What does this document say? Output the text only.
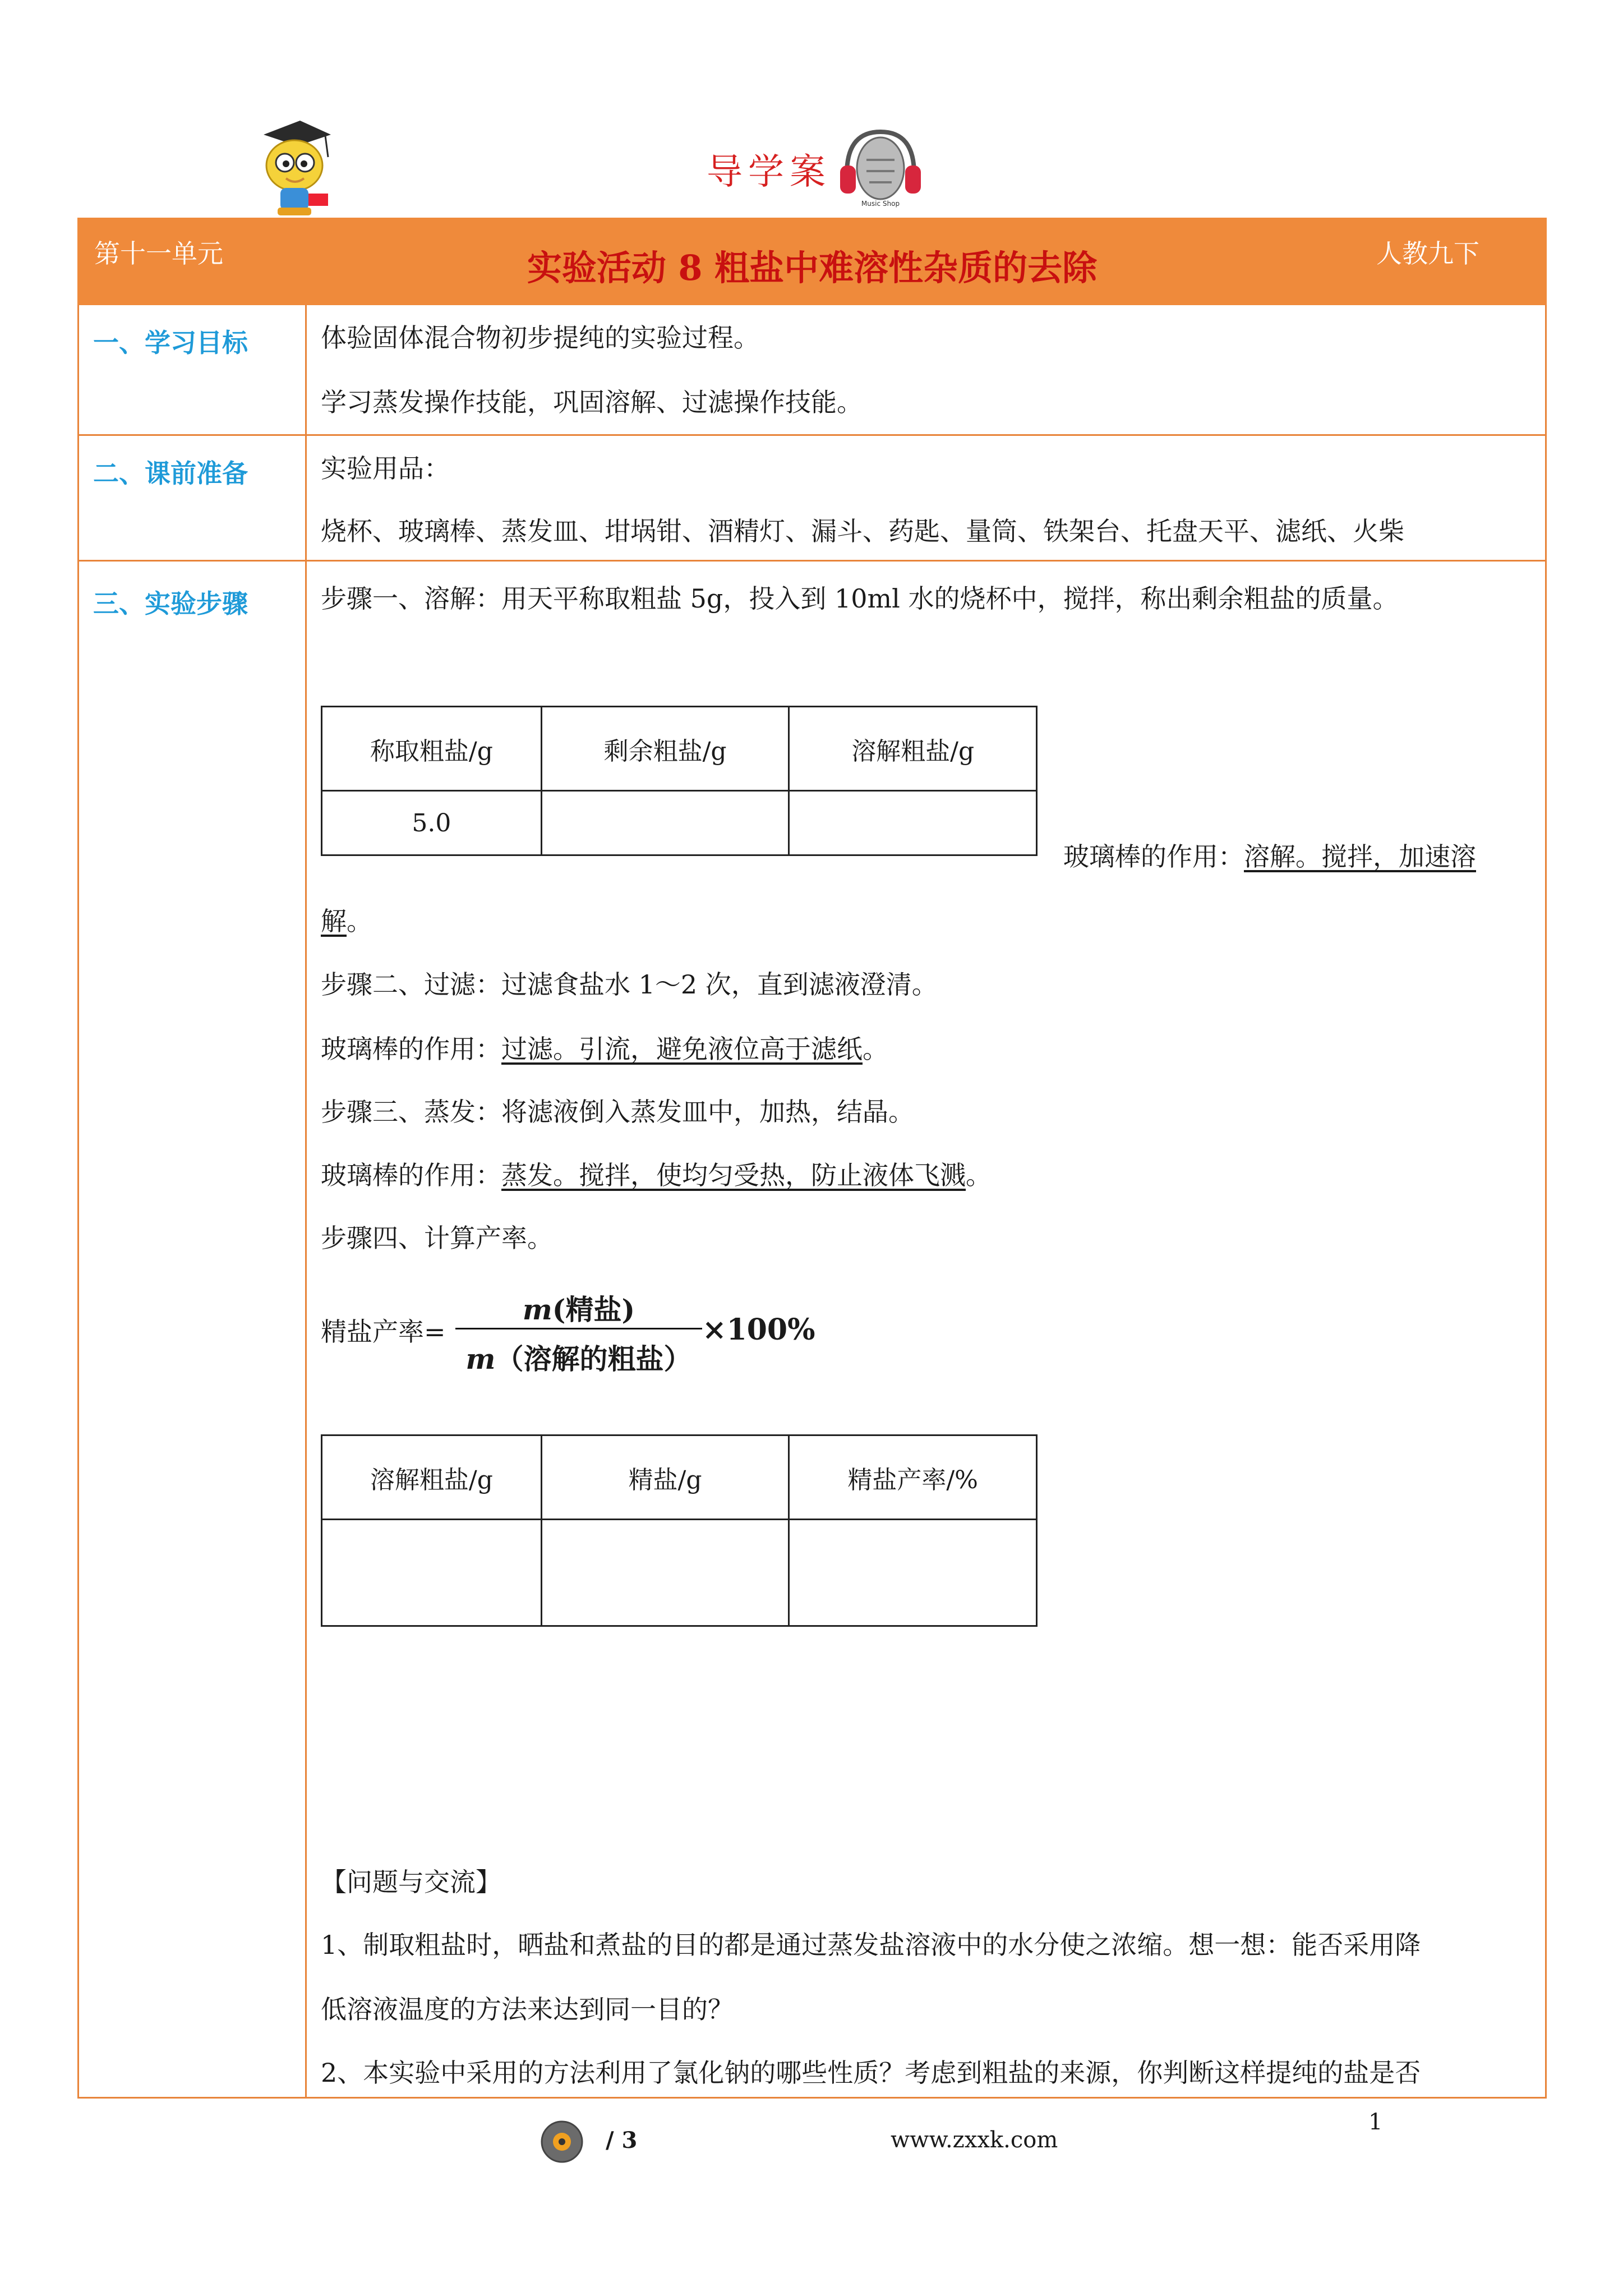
导学案
Music Shop
第十一单元	实验活动 8 粗盐中难溶性杂质的去除	人教九下
一、学习目标	体验固体混合物初步提纯的实验过程。
学习蒸发操作技能，巩固溶解、过滤操作技能。
二、课前准备	实验用品：
烧杯、玻璃棒、蒸发皿、坩埚钳、酒精灯、漏斗、药匙、量筒、铁架台、托盘天平、滤纸、火柴
三、实验步骤	步骤一、溶解：用天平称取粗盐 5g，投入到 10ml 水的烧杯中，搅拌，称出剩余粗盐的质量。
称取粗盐/g	剩余粗盐/g	溶解粗盐/g
5.0		
玻璃棒的作用：溶解。搅拌，加速溶
解。
步骤二、过滤：过滤食盐水 1～2 次，直到滤液澄清。
玻璃棒的作用：过滤。引流，避免液位高于滤纸。
步骤三、蒸发：将滤液倒入蒸发皿中，加热，结晶。
玻璃棒的作用：蒸发。搅拌，使均匀受热，防止液体飞溅。
步骤四、计算产率。
精盐产率=
m(精盐)
m（溶解的粗盐）
×100%
溶解粗盐/g	精盐/g	精盐产率/%

【问题与交流】
1、制取粗盐时，晒盐和煮盐的目的都是通过蒸发盐溶液中的水分使之浓缩。想一想：能否采用降
低溶液温度的方法来达到同一目的？
2、本实验中采用的方法利用了氯化钠的哪些性质？考虑到粗盐的来源，你判断这样提纯的盐是否
/ 3	www.zxxk.com
1
